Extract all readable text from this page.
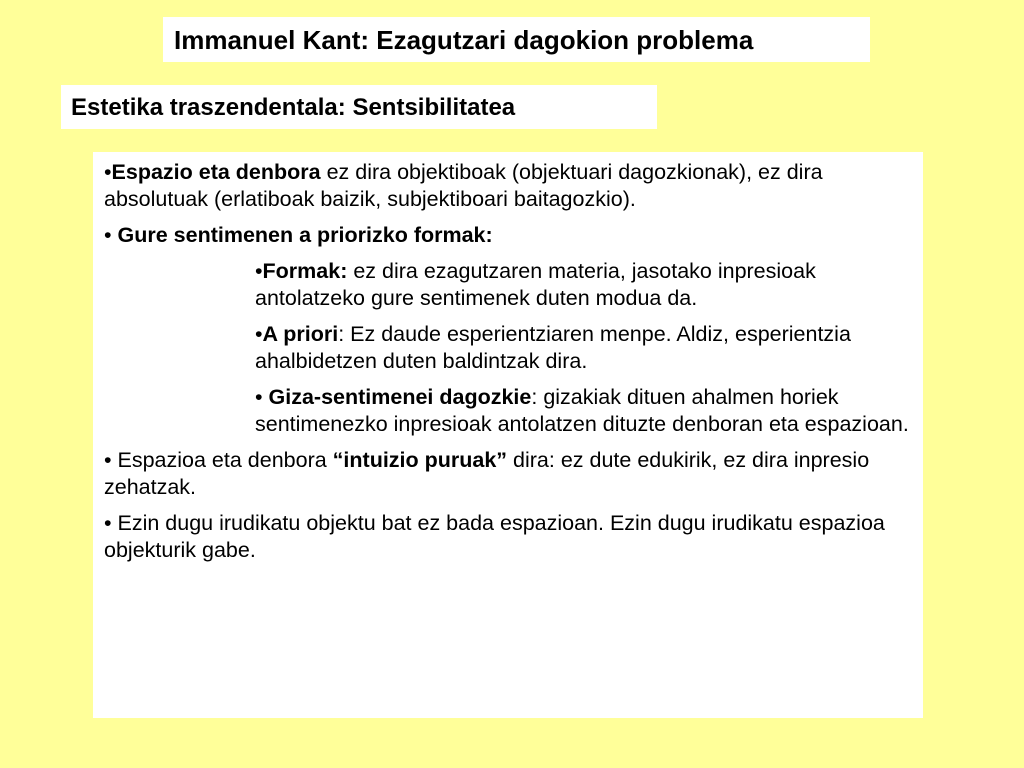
Immanuel Kant: Ezagutzari dagokion problema
Estetika traszendentala: Sentsibilitatea

•Espazio eta denbora ez dira objektiboak (objektuari dagozkionak), ez dira absolutuak (erlatiboak baizik, subjektiboari baitagozkio).

• Gure sentimenen a priorizko formak:

•Formak: ez dira ezagutzaren materia, jasotako inpresioak antolatzeko gure sentimenek duten modua da.

•A priori: Ez daude esperientziaren menpe. Aldiz, esperientzia ahalbidetzen duten baldintzak dira.

• Giza-sentimenei dagozkie: gizakiak dituen ahalmen horiek sentimenezko inpresioak antolatzen dituzte denboran eta espazioan.

• Espazioa eta denbora “intuizio puruak” dira: ez dute edukirik, ez dira inpresio zehatzak.

• Ezin dugu irudikatu objektu bat ez bada espazioan. Ezin dugu irudikatu espazioa objekturik gabe.
